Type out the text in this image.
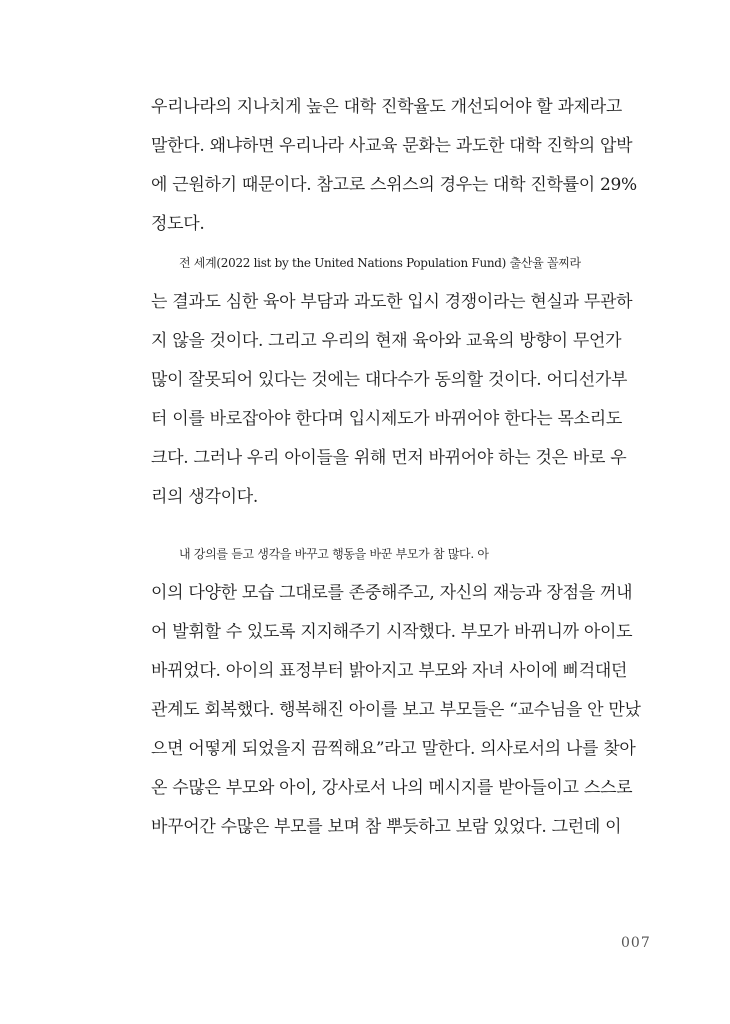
우리나라의 지나치게 높은 대학 진학율도 개선되어야 할 과제라고
말한다. 왜냐하면 우리나라 사교육 문화는 과도한 대학 진학의 압박
에 근원하기 때문이다. 참고로 스위스의 경우는 대학 진학률이 29%
정도다.
전 세계(2022 list by the United Nations Population Fund) 출산율 꼴찌라
는 결과도 심한 육아 부담과 과도한 입시 경쟁이라는 현실과 무관하
지 않을 것이다. 그리고 우리의 현재 육아와 교육의 방향이 무언가
많이 잘못되어 있다는 것에는 대다수가 동의할 것이다. 어디선가부
터 이를 바로잡아야 한다며 입시제도가 바뀌어야 한다는 목소리도
크다. 그러나 우리 아이들을 위해 먼저 바뀌어야 하는 것은 바로 우
리의 생각이다.
내 강의를 듣고 생각을 바꾸고 행동을 바꾼 부모가 참 많다. 아
이의 다양한 모습 그대로를 존중해주고, 자신의 재능과 장점을 꺼내
어 발휘할 수 있도록 지지해주기 시작했다. 부모가 바뀌니까 아이도
바뀌었다. 아이의 표정부터 밝아지고 부모와 자녀 사이에 삐걱대던
관계도 회복했다. 행복해진 아이를 보고 부모들은 “교수님을 안 만났
으면 어떻게 되었을지 끔찍해요”라고 말한다. 의사로서의 나를 찾아
온 수많은 부모와 아이, 강사로서 나의 메시지를 받아들이고 스스로
바꾸어간 수많은 부모를 보며 참 뿌듯하고 보람 있었다. 그런데 이
007
